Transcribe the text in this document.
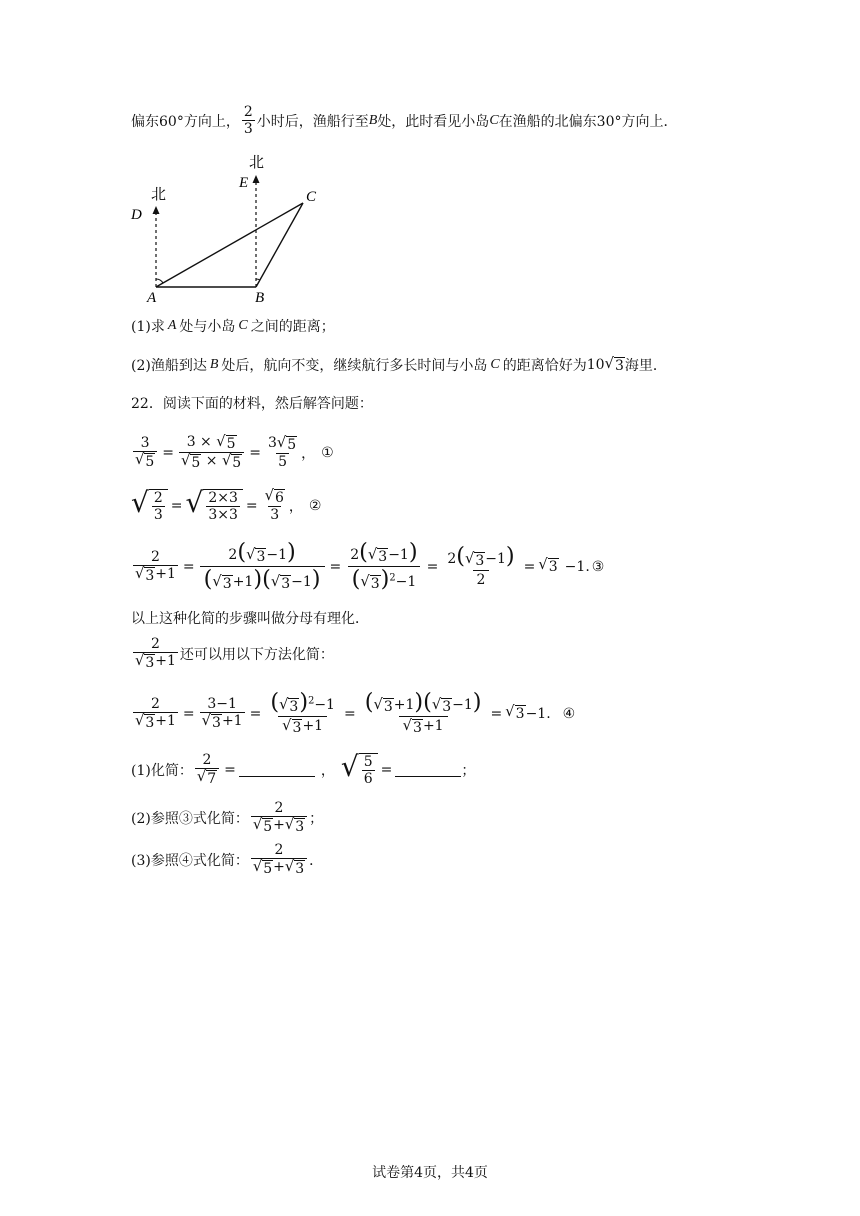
偏东60°方向上， $\frac{2}{3}$ 小时后，渔船行至 B 处，此时看见小岛 C 在渔船的北偏东30°方向上．
北
北
D
E
A	B
C
(1)求 A 处与小岛 C 之间的距离；
(2)渔船到达 B 处后，航向不变，继续航行多长时间与小岛 C 的距离恰好为 10 √ 3 海里．
22．阅读下面的材料，然后解答问题：
$\frac{3}{√ 5} = \frac{3 \times √ 5}{√ 5 \times √ 5} = \frac{3 √ 5}{5}$ ， ①
√ $\frac{2}{3}$ = √ $\frac{2\times 3}{3\times 3} = \frac{√ 6}{3}$ ， ②
$\frac{2}{√ 3 +1} = \frac{2( √ 3 -1)}{( √ 3 +1)( √ 3 -1)} = \frac{2( √ 3 -1)}{( √ 3 )^2-1} = \frac{2( √ 3 -1)}{2}$ = √ 3 −1 . ③
以上这种化简的步骤叫做分母有理化．
$\frac{2}{√ 3 +1}$ 还可以用以下方法化简：
$\frac{2}{√ 3 +1} = \frac{3-1}{√ 3 +1} = \frac{( √ 3 )^2-1}{√ 3 +1} = \frac{( √ 3 +1)( √ 3 -1)}{√ 3 +1}$ = √ 3 −1 . ④
(1)化简： $\frac{2}{√ 7}$ =	， √ $\frac{5}{6}$ =	；
(2)参照③式化简： $\frac{2}{√ 5 + √ 3}$ ；
(3)参照④式化简： $\frac{2}{√ 5 + √ 3}$ ．
试卷第4页，共4页
